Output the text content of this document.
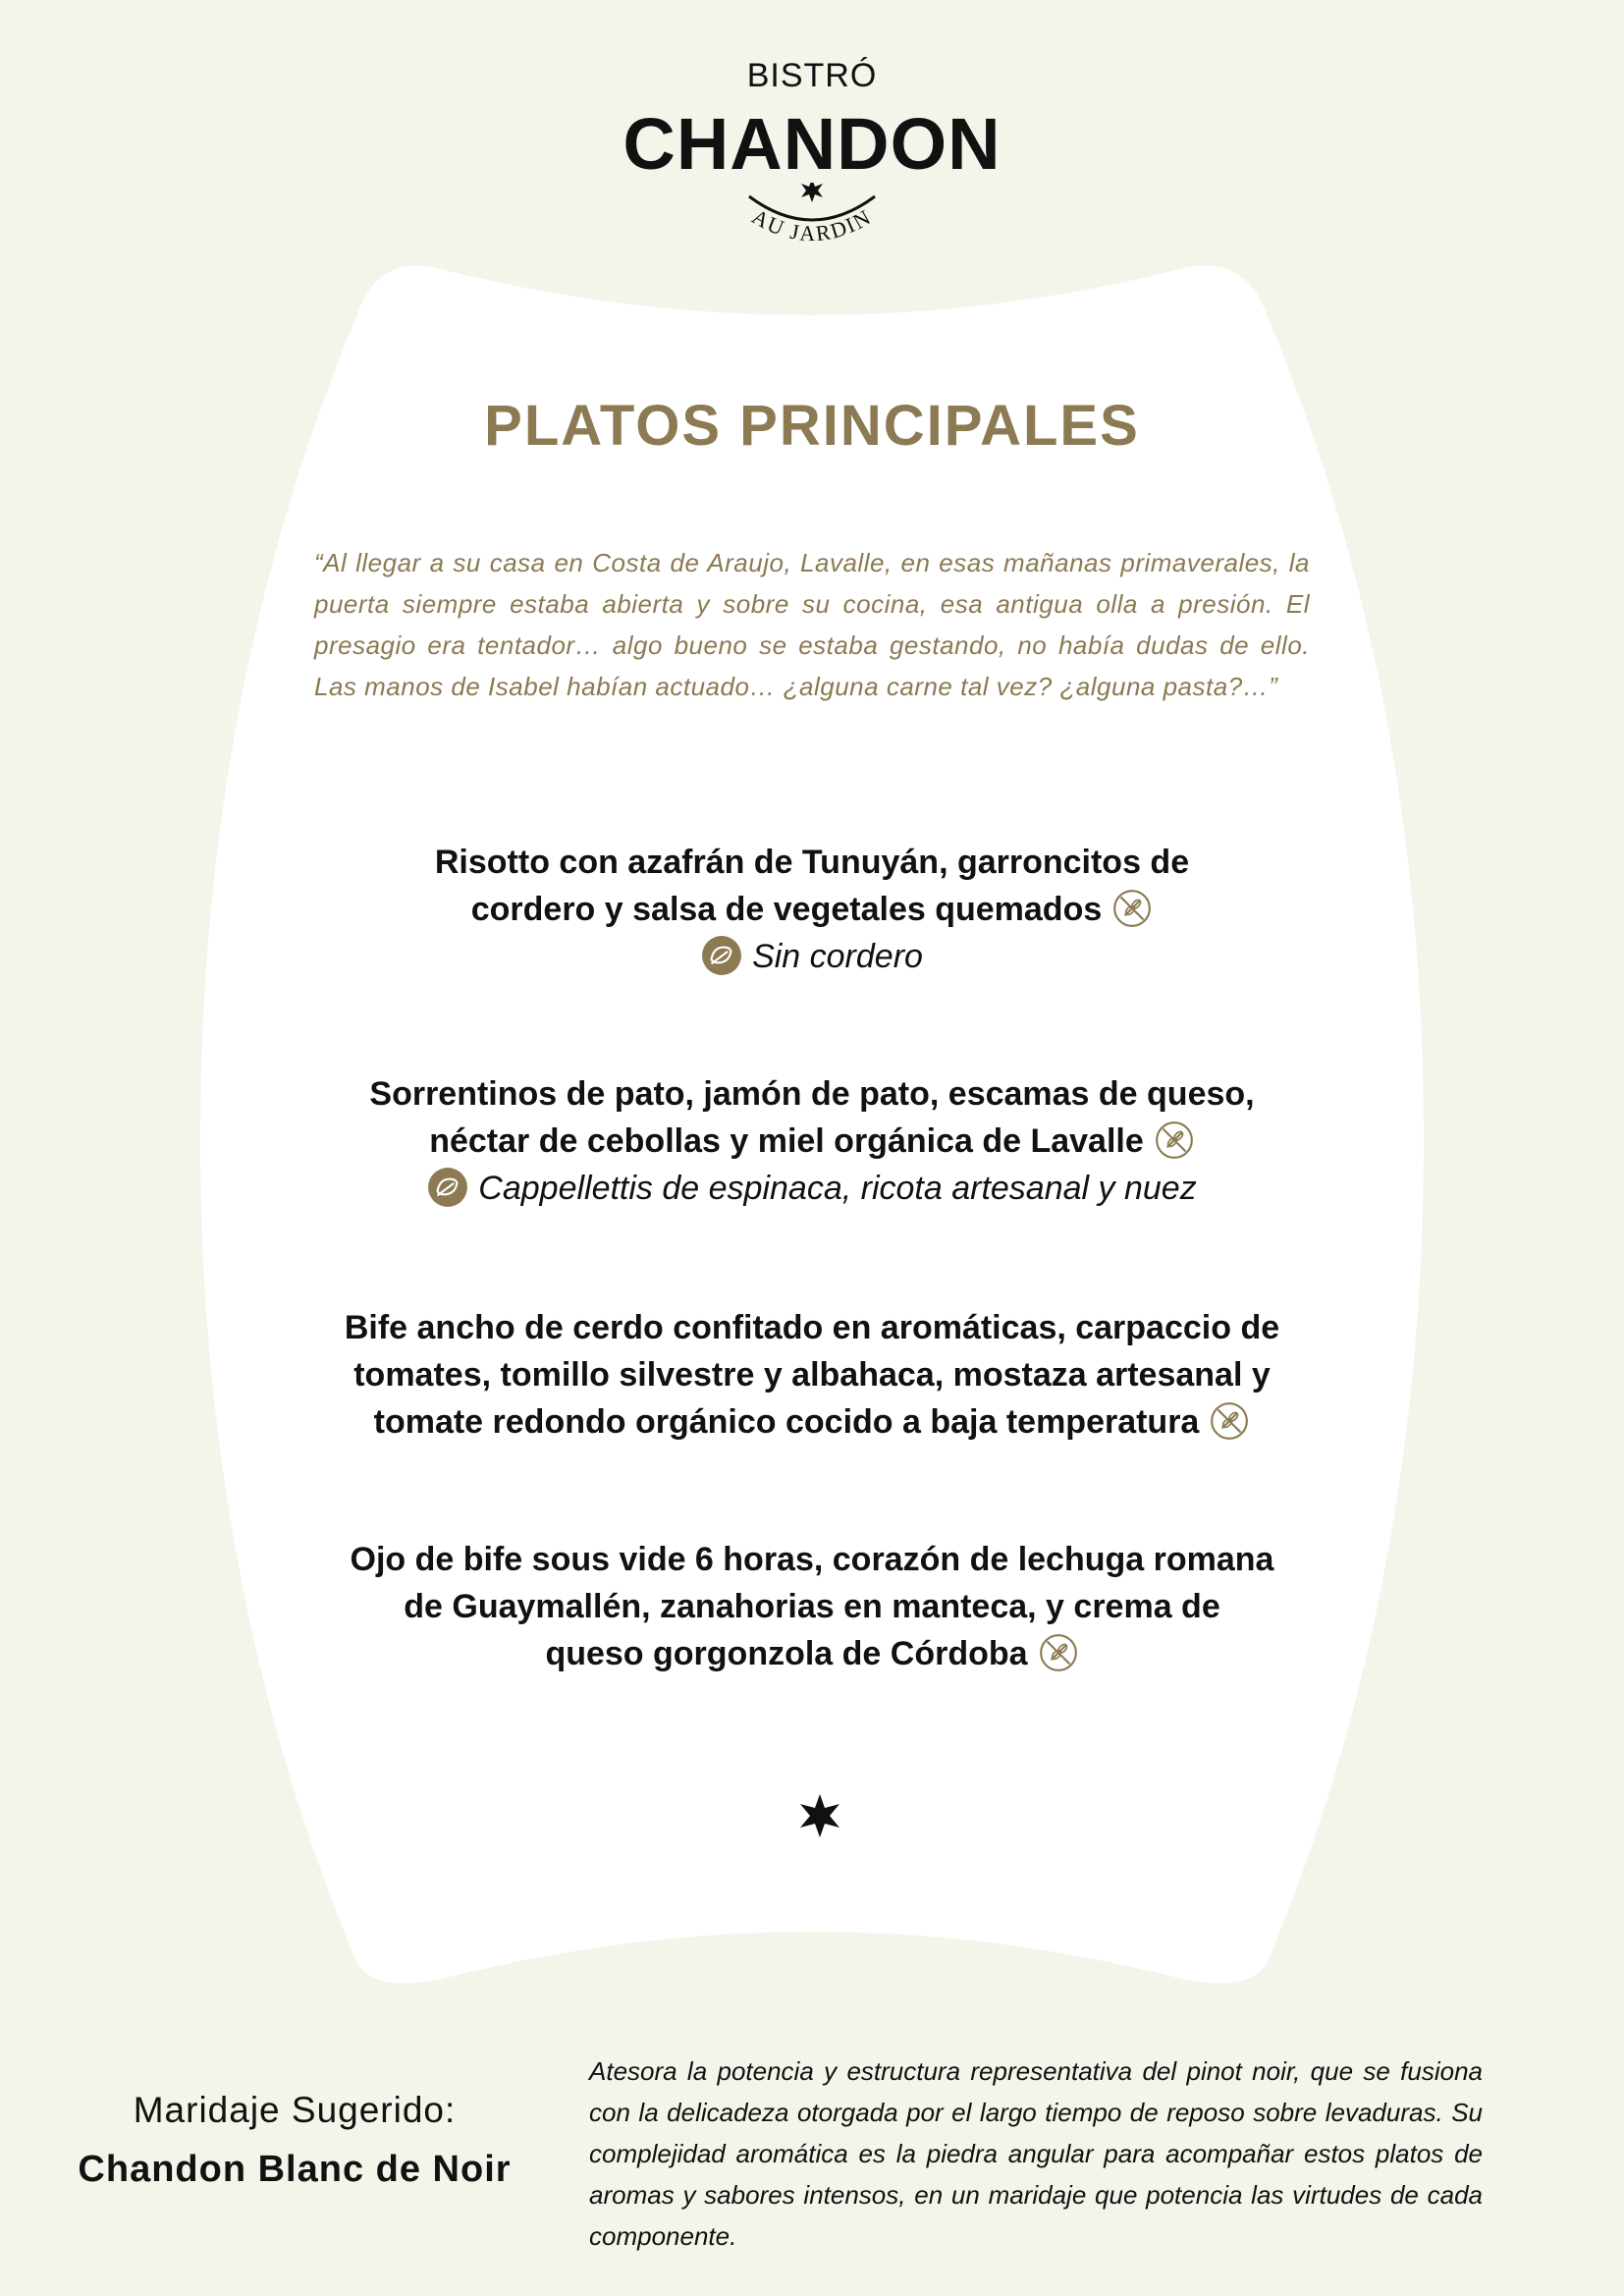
BISTRÓ
CHANDON
AU JARDIN
PLATOS PRINCIPALES
“Al llegar a su casa en Costa de Araujo, Lavalle, en esas mañanas primaverales, la puerta siempre estaba abierta y sobre su cocina, esa antigua olla a presión. El presagio era tentador… algo bueno se estaba gestando, no había dudas de ello. Las manos de Isabel habían actuado… ¿alguna carne tal vez? ¿alguna pasta?…”
Risotto con azafrán de Tunuyán, garroncitos de
cordero y salsa de vegetales quemados
Sin cordero
Sorrentinos de pato, jamón de pato, escamas de queso,
néctar de cebollas y miel orgánica de Lavalle
Cappellettis de espinaca, ricota artesanal y nuez
Bife ancho de cerdo confitado en aromáticas, carpaccio de
tomates, tomillo silvestre y albahaca, mostaza artesanal y
tomate redondo orgánico cocido a baja temperatura
Ojo de bife sous vide 6 horas, corazón de lechuga romana
de Guaymallén, zanahorias en manteca, y crema de
queso gorgonzola de Córdoba
Maridaje Sugerido:
Chandon Blanc de Noir
Atesora la potencia y estructura representativa del pinot noir, que se fusiona con la delicadeza otorgada por el largo tiempo de reposo sobre levaduras. Su complejidad aromática es la piedra angular para acompañar estos platos de aromas y sabores intensos, en un maridaje que potencia las virtudes de cada componente.
